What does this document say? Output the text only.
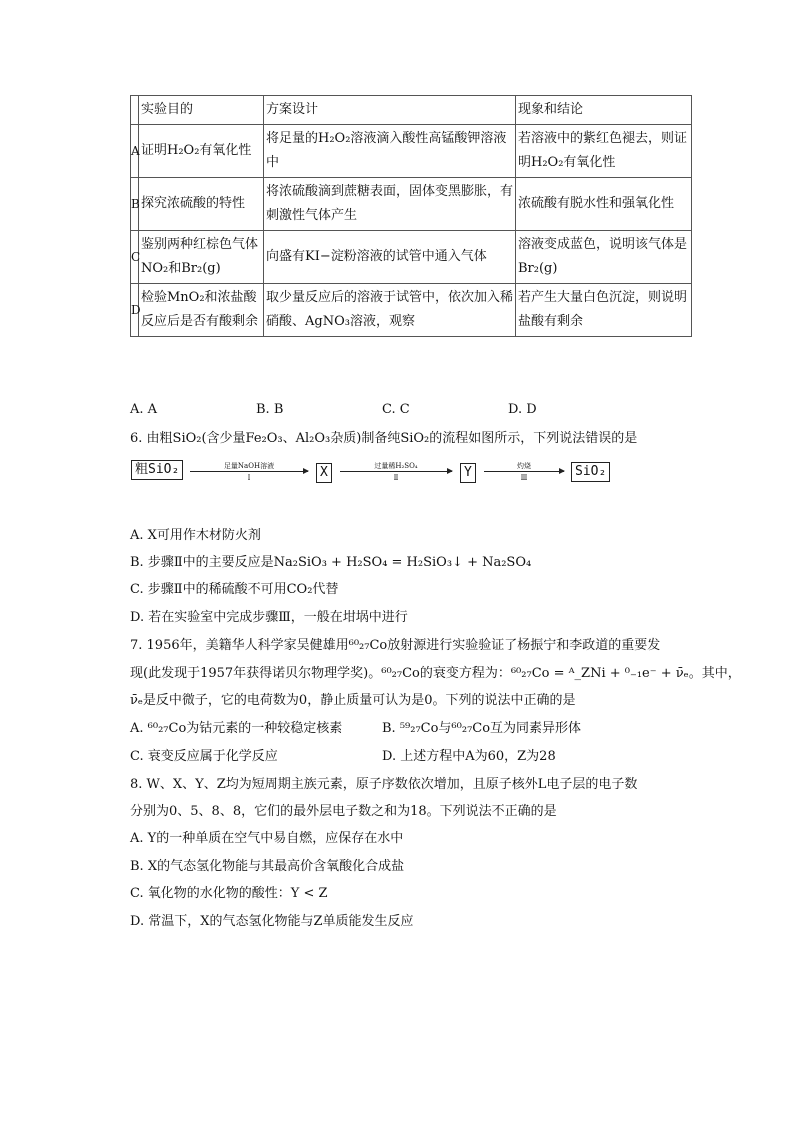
	实验目的	方案设计	现象和结论
A	证明H₂O₂有氧化性	将足量的H₂O₂溶液滴入酸性高锰酸钾溶液中	若溶液中的紫红色褪去，则证明H₂O₂有氧化性
B	探究浓硫酸的特性	将浓硫酸滴到蔗糖表面，固体变黑膨胀，有刺激性气体产生	浓硫酸有脱水性和强氧化性
C	鉴别两种红棕色气体NO₂和Br₂(g)	向盛有KI−淀粉溶液的试管中通入气体	溶液变成蓝色，说明该气体是Br₂(g)
D	检验MnO₂和浓盐酸反应后是否有酸剩余	取少量反应后的溶液于试管中，依次加入稀硝酸、AgNO₃溶液，观察	若产生大量白色沉淀，则说明盐酸有剩余
A. A	B. B	C. C	D. D
6. 由粗SiO₂(含少量Fe₂O₃、Al₂O₃杂质)制备纯SiO₂的流程如图所示，下列说法错误的是
粗SiO₂	足量NaOH溶液
Ⅰ	X	过量稀H₂SO₄
Ⅱ	Y	灼烧
Ⅲ	SiO₂
A. X可用作木材防火剂
B. 步骤Ⅱ中的主要反应是Na₂SiO₃ + H₂SO₄ = H₂SiO₃↓ + Na₂SO₄
C. 步骤Ⅱ中的稀硫酸不可用CO₂代替
D. 若在实验室中完成步骤Ⅲ，一般在坩埚中进行
7. 1956年，美籍华人科学家吴健雄用⁶⁰₂₇Co放射源进行实验验证了杨振宁和李政道的重要发
现(此发现于1957年获得诺贝尔物理学奖)。⁶⁰₂₇Co的衰变方程为：⁶⁰₂₇Co = ᴬ_ZNi + ⁰₋₁e⁻ + ν̄ₑ。其中，
ν̄ₑ是反中微子，它的电荷数为0，静止质量可认为是0。下列的说法中正确的是
A. ⁶⁰₂₇Co为钴元素的一种较稳定核素	B. ⁵⁹₂₇Co与⁶⁰₂₇Co互为同素异形体
C. 衰变反应属于化学反应	D. 上述方程中A为60，Z为28
8. W、X、Y、Z均为短周期主族元素，原子序数依次增加，且原子核外L电子层的电子数
分别为0、5、8、8，它们的最外层电子数之和为18。下列说法不正确的是
A. Y的一种单质在空气中易自燃，应保存在水中
B. X的气态氢化物能与其最高价含氧酸化合成盐
C. 氧化物的水化物的酸性：Y < Z
D. 常温下，X的气态氢化物能与Z单质能发生反应
